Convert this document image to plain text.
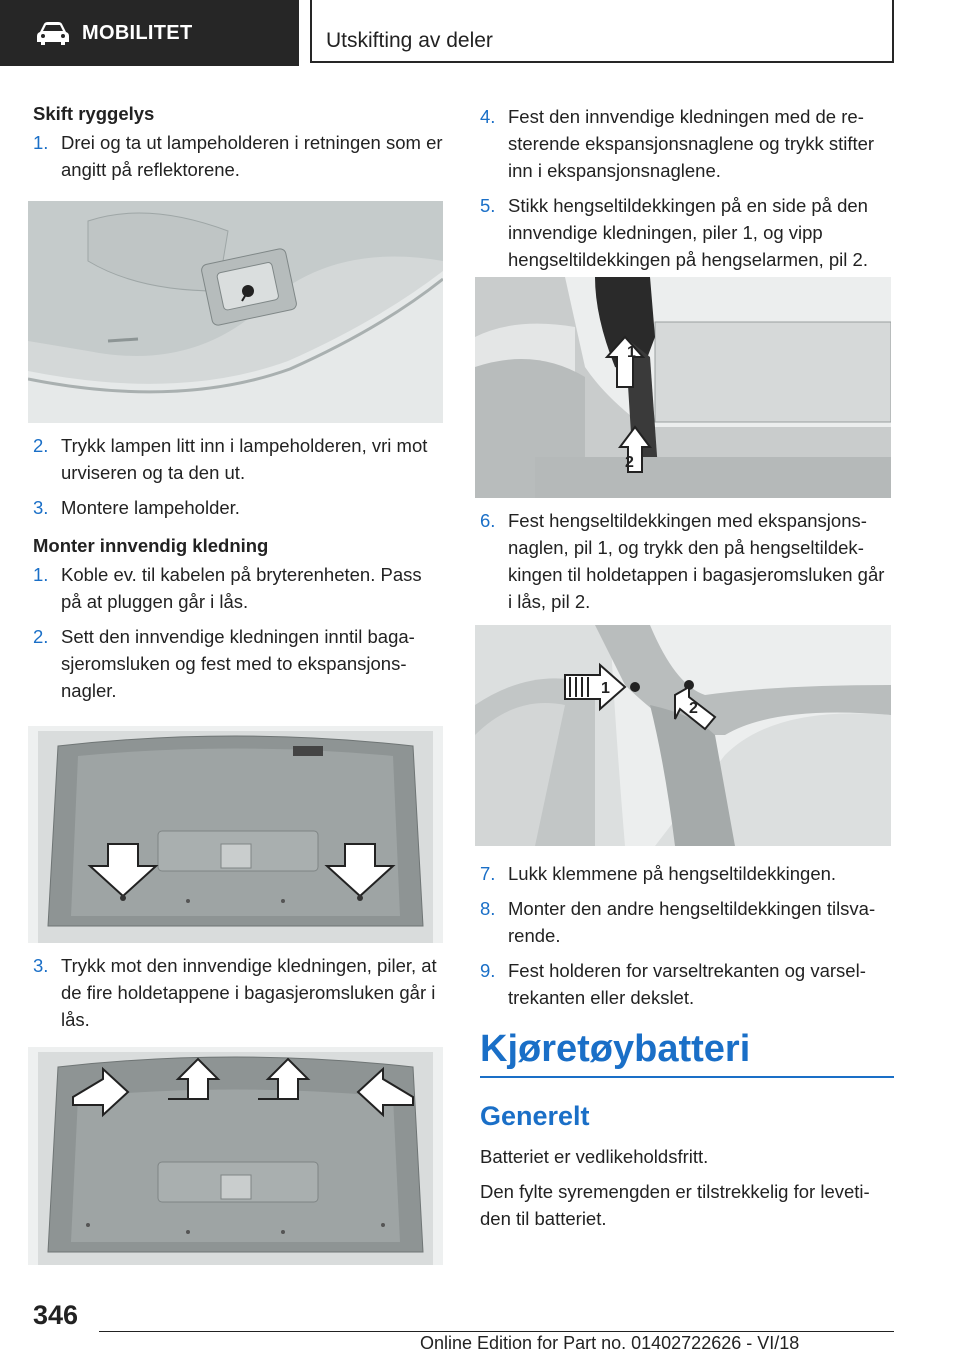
MOBILITET	Utskifting av deler
Skift ryggelys
1. Drei og ta ut lampeholderen i retningen som er angitt på reflektorene.
2. Trykk lampen litt inn i lampeholderen, vri mot urviseren og ta den ut.
3. Montere lampeholder.
Monter innvendig kledning
1. Koble ev. til kabelen på bryterenheten. Pass på at pluggen går i lås.
2. Sett den innvendige kledningen inntil bagasjeromsluken og fest med to ekspansjonsnagler.
3. Trykk mot den innvendige kledningen, piler, at de fire holdetappene i bagasjeromsluken går i lås.
4. Fest den innvendige kledningen med de resterende ekspansjonsnaglene og trykk stifter inn i ekspansjonsnaglene.
5. Stikk hengseltildekkingen på en side på den innvendige kledningen, piler 1, og vipp hengseltildekkingen på hengselarmen, pil 2.
1
2
6. Fest hengseltildekkingen med ekspansjonsnaglen, pil 1, og trykk den på hengseltildekkingen til holdetappen i bagasjeromsluken går i lås, pil 2.
1
2
7. Lukk klemmene på hengseltildekkingen.
8. Monter den andre hengseltildekkingen tilsvarende.
9. Fest holderen for varseltrekanten og varseltrekanten eller dekslet.
Kjøretøybatteri
Generelt

Batteriet er vedlikeholdsfritt.

Den fylte syremengden er tilstrekkelig for levetiden til batteriet.

346
Online Edition for Part no. 01402722626 - VI/18
